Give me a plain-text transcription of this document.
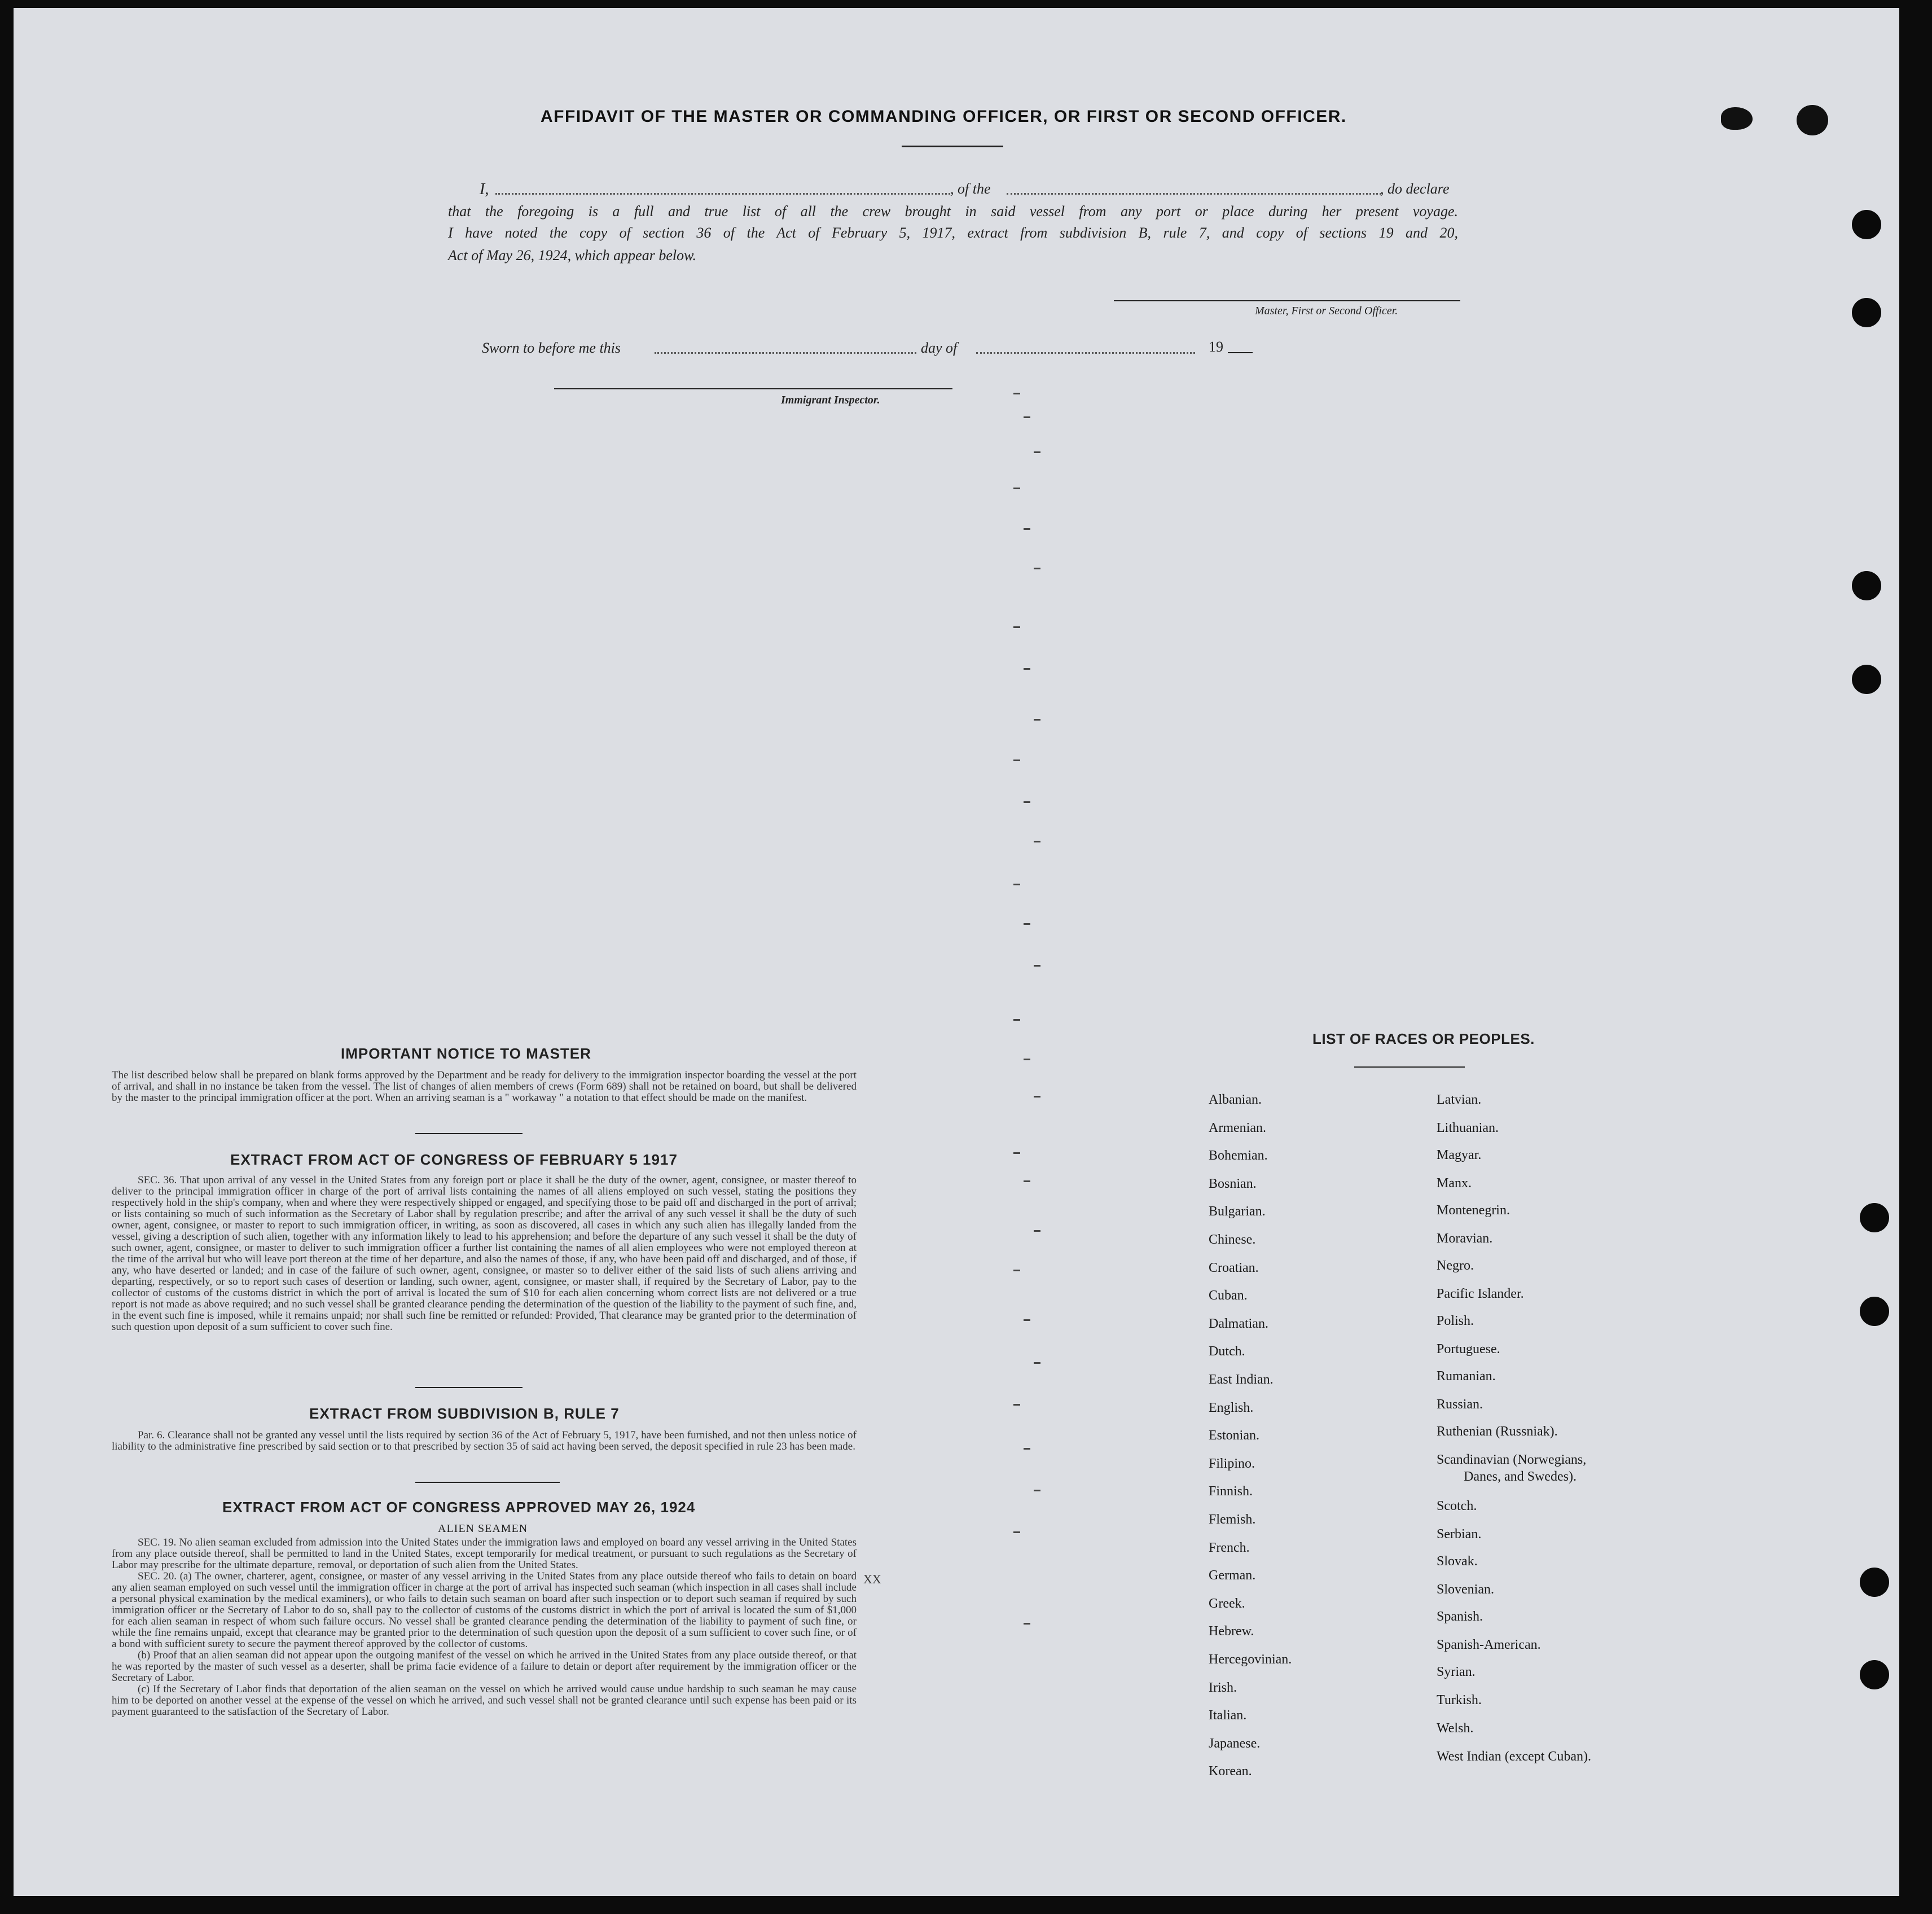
AFFIDAVIT OF THE MASTER OR COMMANDING OFFICER, OR FIRST OR SECOND OFFICER.
I,	, of the	, do declare
that the foregoing is a full and true list of all the crew brought in said vessel from any port or place during her present voyage.
I have noted the copy of section 36 of the Act of February 5, 1917, extract from subdivision B, rule 7, and copy of sections 19 and 20,
Act of May 26, 1924, which appear below.
Master, First or Second Officer.
Sworn to before me this	day of	19
Immigrant Inspector.
IMPORTANT NOTICE TO MASTER
The list described below shall be prepared on blank forms approved by the Department and be ready for delivery to the immigration inspector boarding the vessel at the port of arrival, and shall in no instance be taken from the vessel. The list of changes of alien members of crews (Form 689) shall not be retained on board, but shall be delivered by the master to the principal immigration officer at the port. When an arriving seaman is a " workaway " a notation to that effect should be made on the manifest.
EXTRACT FROM ACT OF CONGRESS OF FEBRUARY 5 1917
SEC. 36. That upon arrival of any vessel in the United States from any foreign port or place it shall be the duty of the owner, agent, consignee, or master thereof to deliver to the principal immigration officer in charge of the port of arrival lists containing the names of all aliens employed on such vessel, stating the positions they respectively hold in the ship's company, when and where they were respectively shipped or engaged, and specifying those to be paid off and discharged in the port of arrival; or lists containing so much of such information as the Secretary of Labor shall by regulation prescribe; and after the arrival of any such vessel it shall be the duty of such owner, agent, consignee, or master to report to such immigration officer, in writing, as soon as discovered, all cases in which any such alien has illegally landed from the vessel, giving a description of such alien, together with any information likely to lead to his apprehension; and before the departure of any such vessel it shall be the duty of such owner, agent, consignee, or master to deliver to such immigration officer a further list containing the names of all alien employees who were not employed thereon at the time of the arrival but who will leave port thereon at the time of her departure, and also the names of those, if any, who have been paid off and discharged, and of those, if any, who have deserted or landed; and in case of the failure of such owner, agent, consignee, or master so to deliver either of the said lists of such aliens arriving and departing, respectively, or so to report such cases of desertion or landing, such owner, agent, consignee, or master shall, if required by the Secretary of Labor, pay to the collector of customs of the customs district in which the port of arrival is located the sum of $10 for each alien concerning whom correct lists are not delivered or a true report is not made as above required; and no such vessel shall be granted clearance pending the determination of the question of the liability to the payment of such fine, and, in the event such fine is imposed, while it remains unpaid; nor shall such fine be remitted or refunded: Provided, That clearance may be granted prior to the determination of such question upon deposit of a sum sufficient to cover such fine.
EXTRACT FROM SUBDIVISION B, RULE 7
Par. 6. Clearance shall not be granted any vessel until the lists required by section 36 of the Act of February 5, 1917, have been furnished, and not then unless notice of liability to the administrative fine prescribed by said section or to that prescribed by section 35 of said act having been served, the deposit specified in rule 23 has been made.
EXTRACT FROM ACT OF CONGRESS APPROVED MAY 26, 1924
ALIEN SEAMEN
SEC. 19. No alien seaman excluded from admission into the United States under the immigration laws and employed on board any vessel arriving in the United States from any place outside thereof, shall be permitted to land in the United States, except temporarily for medical treatment, or pursuant to such regulations as the Secretary of Labor may prescribe for the ultimate departure, removal, or deportation of such alien from the United States.
SEC. 20. (a) The owner, charterer, agent, consignee, or master of any vessel arriving in the United States from any place outside thereof who fails to detain on board any alien seaman employed on such vessel until the immigration officer in charge at the port of arrival has inspected such seaman (which inspection in all cases shall include a personal physical examination by the medical examiners), or who fails to detain such seaman on board after such inspection or to deport such seaman if required by such immigration officer or the Secretary of Labor to do so, shall pay to the collector of customs of the customs district in which the port of arrival is located the sum of $1,000 for each alien seaman in respect of whom such failure occurs. No vessel shall be granted clearance pending the determination of the liability to payment of such fine, or while the fine remains unpaid, except that clearance may be granted prior to the determination of such question upon the deposit of a sum sufficient to cover such fine, or of a bond with sufficient surety to secure the payment thereof approved by the collector of customs.
(b) Proof that an alien seaman did not appear upon the outgoing manifest of the vessel on which he arrived in the United States from any place outside thereof, or that he was reported by the master of such vessel as a deserter, shall be prima facie evidence of a failure to detain or deport after requirement by the immigration officer or the Secretary of Labor.
(c) If the Secretary of Labor finds that deportation of the alien seaman on the vessel on which he arrived would cause undue hardship to such seaman he may cause him to be deported on another vessel at the expense of the vessel on which he arrived, and such vessel shall not be granted clearance until such expense has been paid or its payment guaranteed to the satisfaction of the Secretary of Labor.
XX
LIST OF RACES OR PEOPLES.
Albanian.
Armenian.
Bohemian.
Bosnian.
Bulgarian.
Chinese.
Croatian.
Cuban.
Dalmatian.
Dutch.
East Indian.
English.
Estonian.
Filipino.
Finnish.
Flemish.
French.
German.
Greek.
Hebrew.
Hercegovinian.
Irish.
Italian.
Japanese.
Korean.
Latvian.
Lithuanian.
Magyar.
Manx.
Montenegrin.
Moravian.
Negro.
Pacific Islander.
Polish.
Portuguese.
Rumanian.
Russian.
Ruthenian (Russniak).
Scandinavian (Norwegians,
Danes, and Swedes).
Scotch.
Serbian.
Slovak.
Slovenian.
Spanish.
Spanish-American.
Syrian.
Turkish.
Welsh.
West Indian (except Cuban).
